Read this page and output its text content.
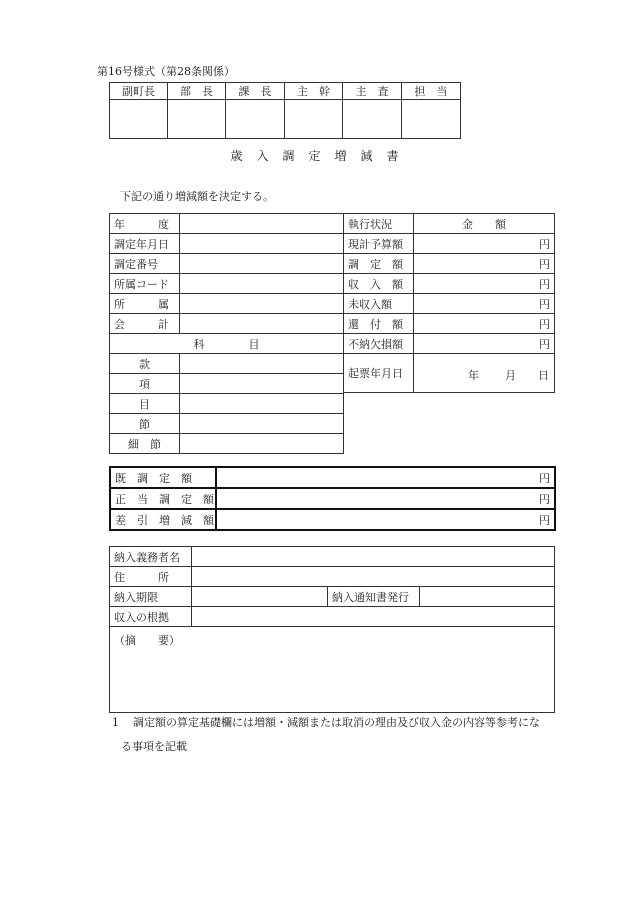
第16号様式（第28条関係）
副町長	部　長	課　長	主　幹	主　査	担　当

歳　入　調　定　増　減　書
下記の通り増減額を決定する。
年　　　度	
調定年月日	
調定番号	
所属コード	
所　　　属	
会　　　計	
科　　　　目	
款	
項	
目	
節	
細　節	
執行状況	金　　額
現計予算額	円
調　定　額	円
収　入　額	円
未収入額	円
還　付　額	円
不納欠損額	円
起票年月日	年 月 日
既　調　定　額	円
正　当　調　定　額	円
差　引　増　減　額	円
納入義務者名			
住　　　所			
納入期限		納入通知書発行	
収入の根拠			
（摘　　要）			
1 調定額の算定基礎欄には増額・減額または取消の理由及び収入金の内容等参考にな
る事項を記載
